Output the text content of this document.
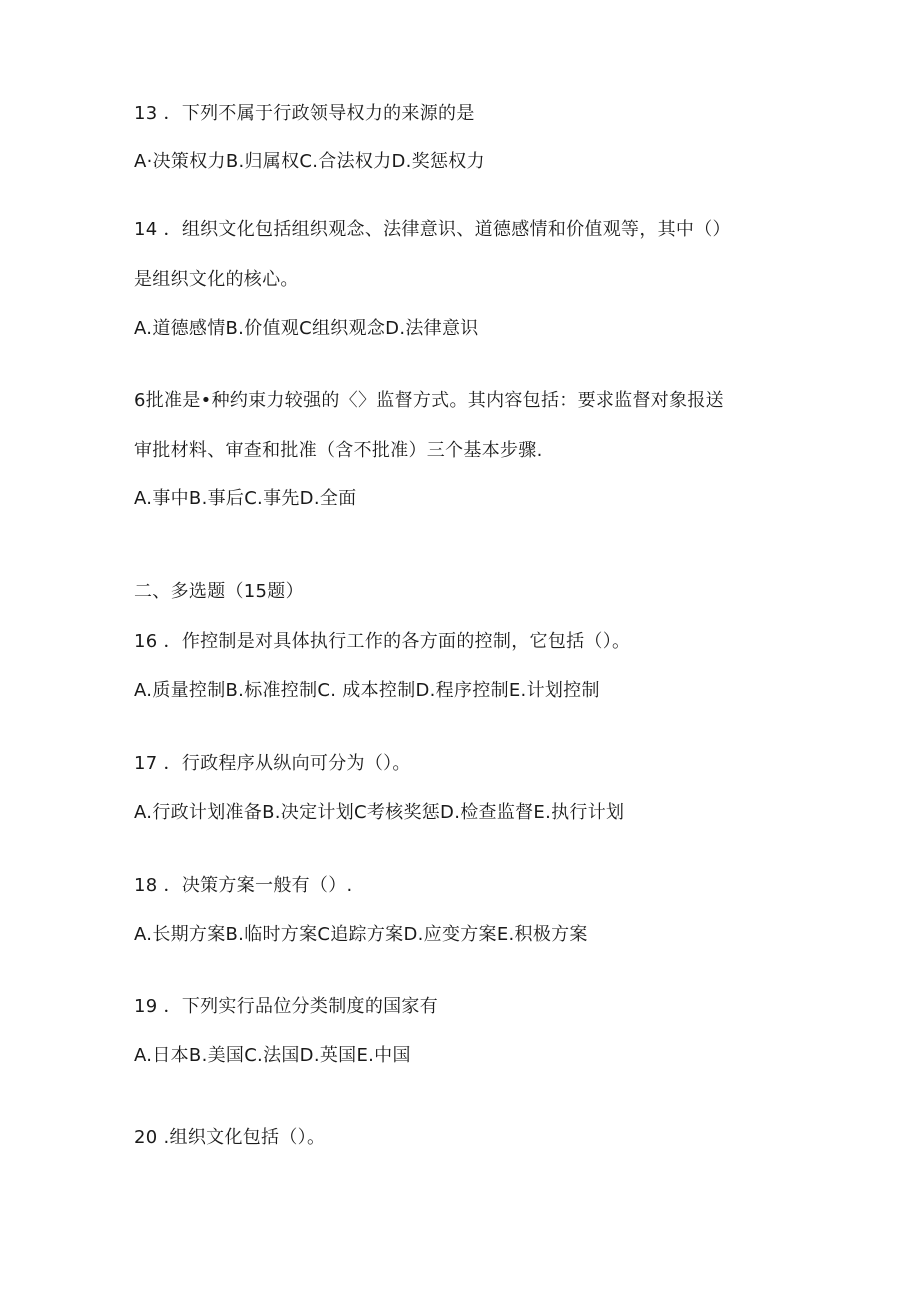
13 ．下列不属于行政领导权力的来源的是
A·决策权力B.归属权C.合法权力D.奖惩权力
14 ．组织文化包括组织观念、法律意识、道德感情和价值观等，其中（）
是组织文化的核心。
A.道德感情B.价值观C组织观念D.法律意识
6批准是•种约束力较强的〈〉监督方式。其内容包括：要求监督对象报送
审批材料、审查和批准（含不批准）三个基本步骤.
A.事中B.事后C.事先D.全面
二、多选题（15题）
16 ．作控制是对具体执行工作的各方面的控制，它包括（）。
A.质量控制B.标准控制C. 成本控制D.程序控制E.计划控制
17 ．行政程序从纵向可分为（）。
A.行政计划准备B.决定计划C考核奖惩D.检查监督E.执行计划
18 ．决策方案一般有（）.
A.长期方案B.临时方案C追踪方案D.应变方案E.积极方案
19 ．下列实行品位分类制度的国家有
A.日本B.美国C.法国D.英国E.中国
20 .组织文化包括（）。
